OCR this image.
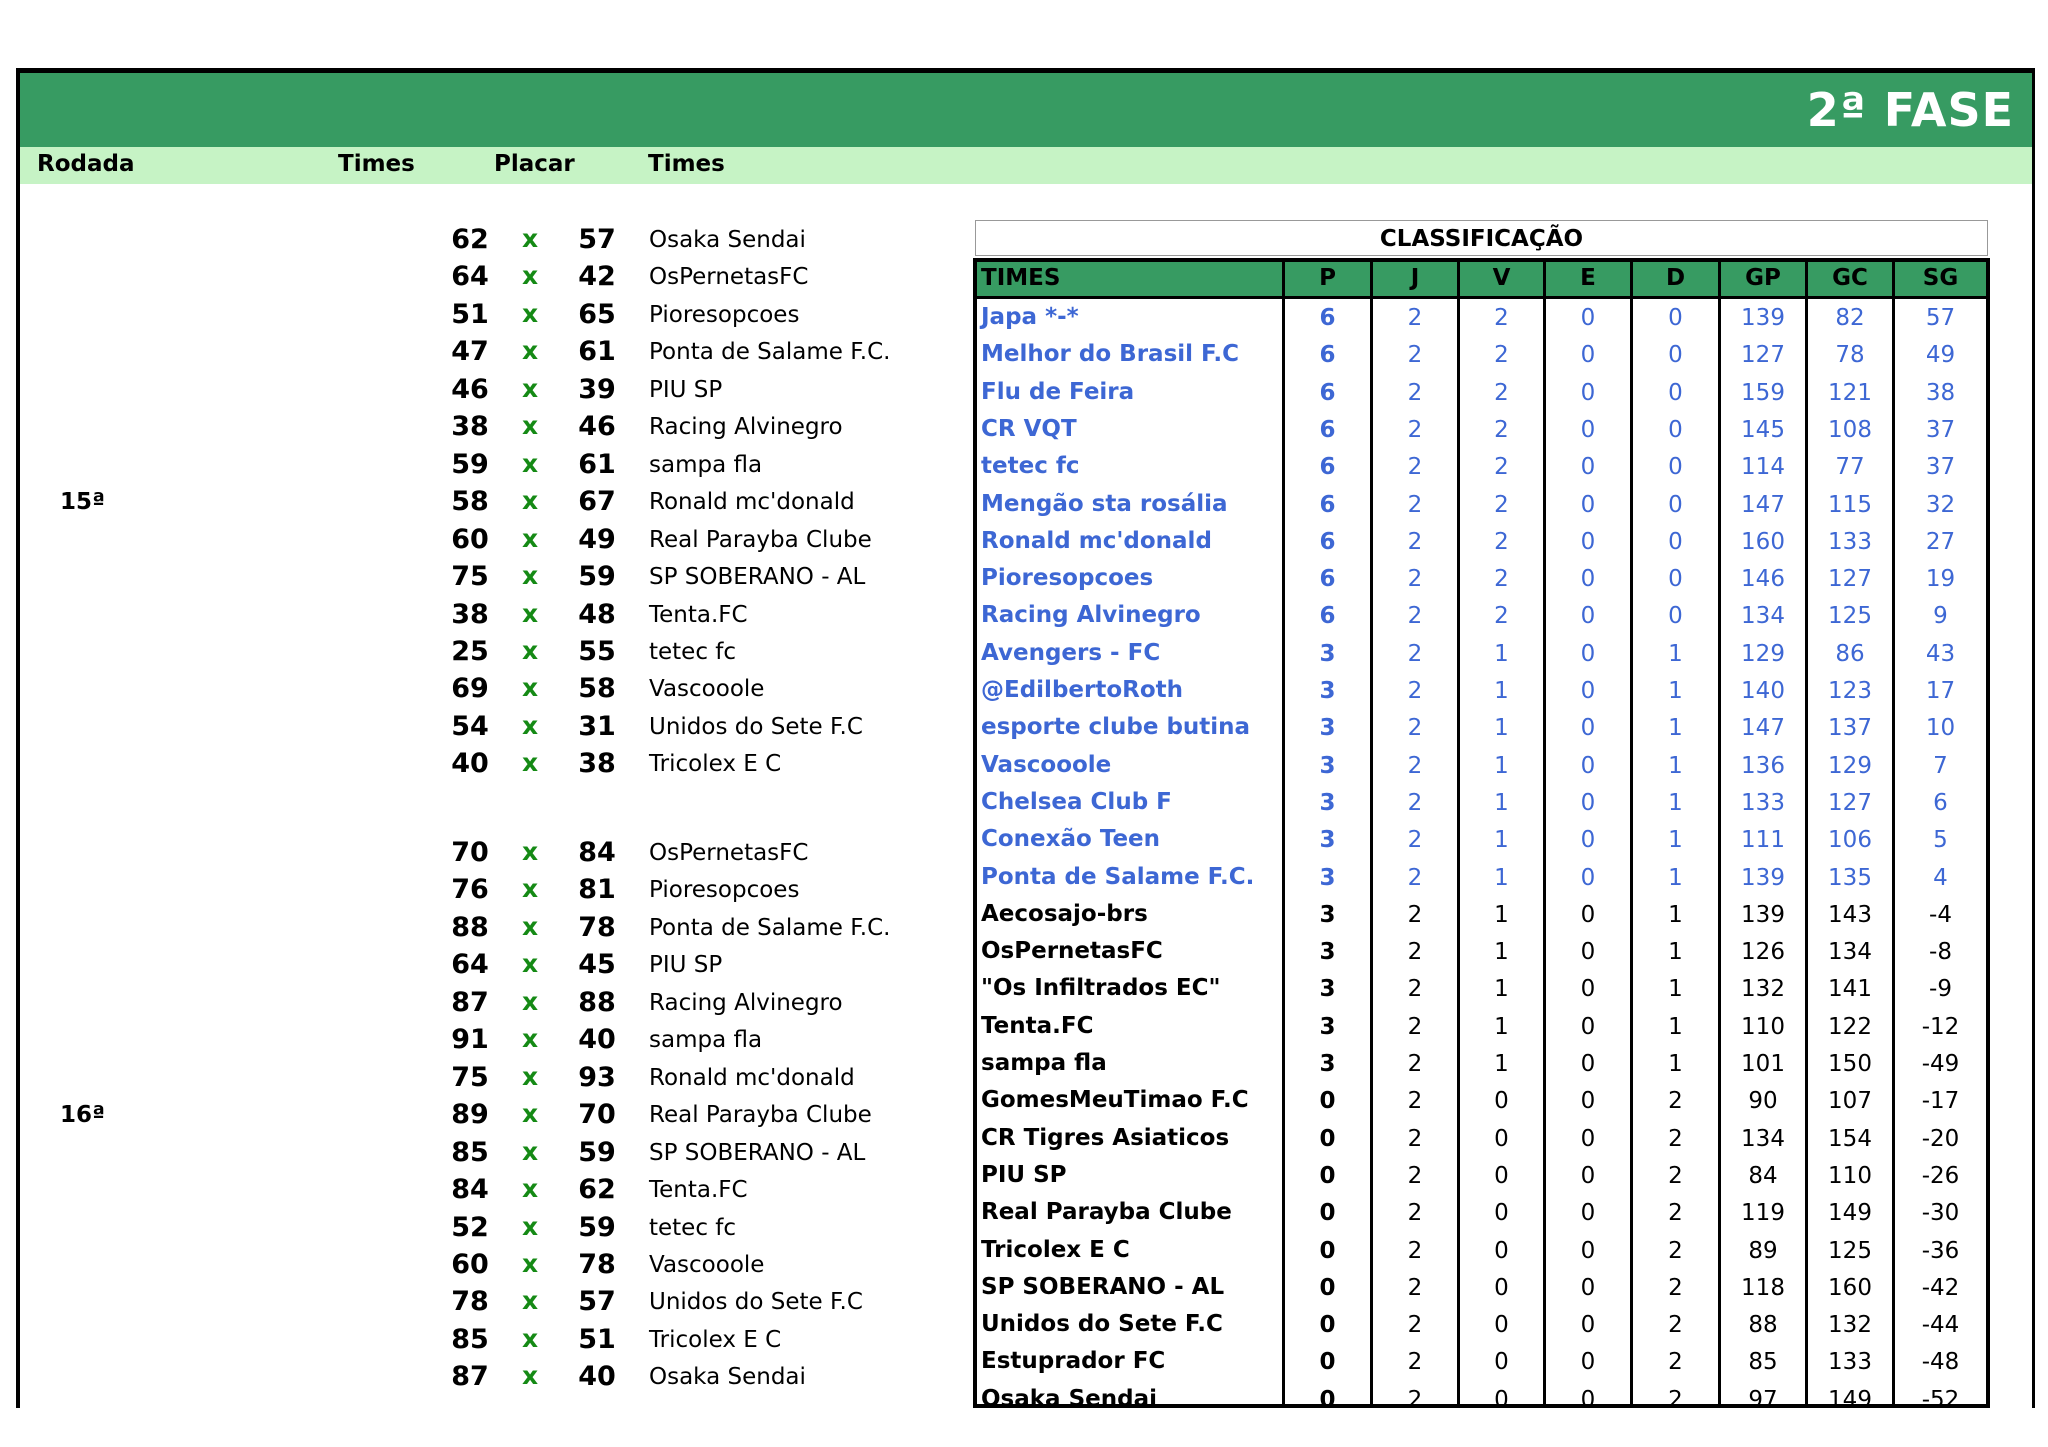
2ª FASE
Rodada	Times	Placar	Times
62 x 57 Osaka Sendai
64 x 42 OsPernetasFC
51 x 65 Pioresopcoes
47 x 61 Ponta de Salame F.C.
46 x 39 PIU SP
38 x 46 Racing Alvinegro
59 x 61 sampa fla
58 x 67 Ronald mc'donald
60 x 49 Real Parayba Clube
75 x 59 SP SOBERANO - AL
38 x 48 Tenta.FC
25 x 55 tetec fc
69 x 58 Vascooole
54 x 31 Unidos do Sete F.C
40 x 38 Tricolex E C
15ª
70 x 84 OsPernetasFC
76 x 81 Pioresopcoes
88 x 78 Ponta de Salame F.C.
64 x 45 PIU SP
87 x 88 Racing Alvinegro
91 x 40 sampa fla
75 x 93 Ronald mc'donald
89 x 70 Real Parayba Clube
85 x 59 SP SOBERANO - AL
84 x 62 Tenta.FC
52 x 59 tetec fc
60 x 78 Vascooole
78 x 57 Unidos do Sete F.C
85 x 51 Tricolex E C
87 x 40 Osaka Sendai
16ª
CLASSIFICAÇÃO
TIMES	P	J	V	E	D	GP	GC	SG
Japa *-*	6	2	2	0	0	139	82	57
Melhor do Brasil F.C	6	2	2	0	0	127	78	49
Flu de Feira	6	2	2	0	0	159	121	38
CR VQT	6	2	2	0	0	145	108	37
tetec fc	6	2	2	0	0	114	77	37
Mengão sta rosália	6	2	2	0	0	147	115	32
Ronald mc'donald	6	2	2	0	0	160	133	27
Pioresopcoes	6	2	2	0	0	146	127	19
Racing Alvinegro	6	2	2	0	0	134	125	9
Avengers - FC	3	2	1	0	1	129	86	43
@EdilbertoRoth	3	2	1	0	1	140	123	17
esporte clube butina	3	2	1	0	1	147	137	10
Vascooole	3	2	1	0	1	136	129	7
Chelsea Club F	3	2	1	0	1	133	127	6
Conexão Teen	3	2	1	0	1	111	106	5
Ponta de Salame F.C.	3	2	1	0	1	139	135	4
Aecosajo-brs	3	2	1	0	1	139	143	-4
OsPernetasFC	3	2	1	0	1	126	134	-8
"Os Infiltrados EC"	3	2	1	0	1	132	141	-9
Tenta.FC	3	2	1	0	1	110	122	-12
sampa fla	3	2	1	0	1	101	150	-49
GomesMeuTimao F.C	0	2	0	0	2	90	107	-17
CR Tigres Asiaticos	0	2	0	0	2	134	154	-20
PIU SP	0	2	0	0	2	84	110	-26
Real Parayba Clube	0	2	0	0	2	119	149	-30
Tricolex E C	0	2	0	0	2	89	125	-36
SP SOBERANO - AL	0	2	0	0	2	118	160	-42
Unidos do Sete F.C	0	2	0	0	2	88	132	-44
Estuprador FC	0	2	0	0	2	85	133	-48
Osaka Sendai	0	2	0	0	2	97	149	-52
